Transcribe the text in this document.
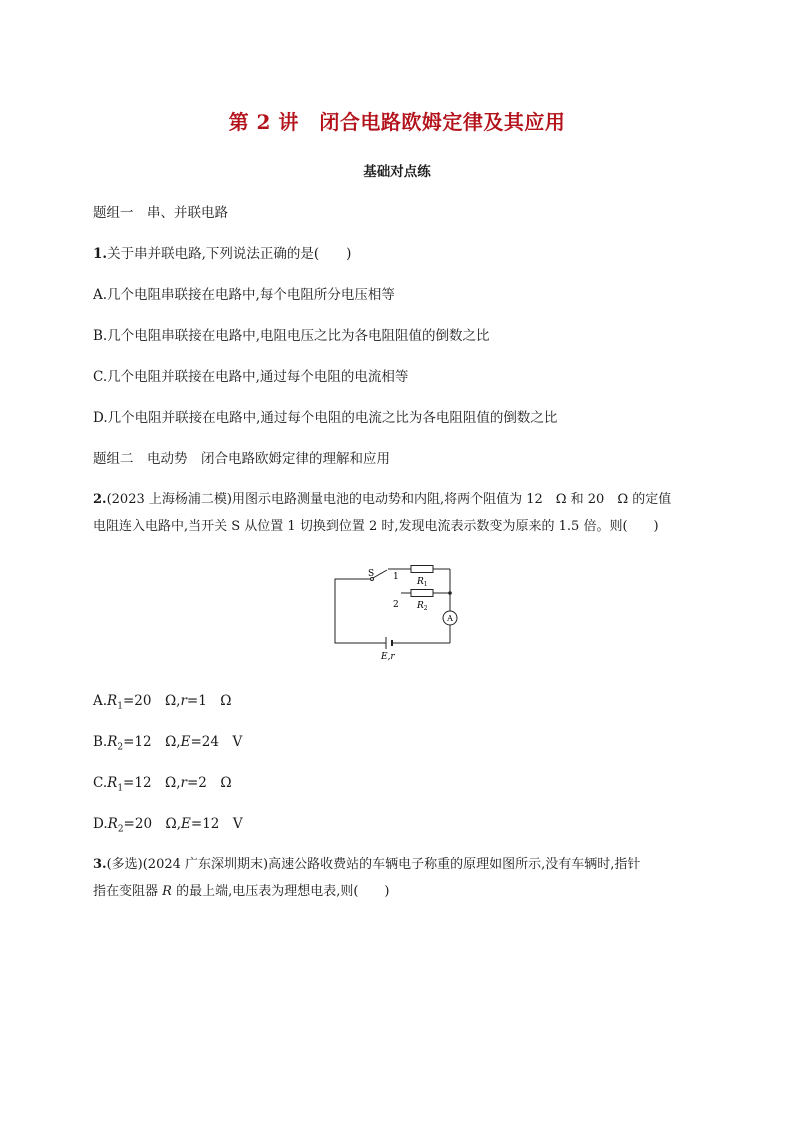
第 2 讲　闭合电路欧姆定律及其应用
基础对点练
题组一　串、并联电路
1.关于串并联电路,下列说法正确的是(　　)
A.几个电阻串联接在电路中,每个电阻所分电压相等
B.几个电阻串联接在电路中,电阻电压之比为各电阻阻值的倒数之比
C.几个电阻并联接在电路中,通过每个电阻的电流相等
D.几个电阻并联接在电路中,通过每个电阻的电流之比为各电阻阻值的倒数之比
题组二　电动势　闭合电路欧姆定律的理解和应用
2.(2023 上海杨浦二模)用图示电路测量电池的电动势和内阻,将两个阻值为 12　Ω 和 20　Ω 的定值
电阻连入电路中,当开关 S 从位置 1 切换到位置 2 时,发现电流表示数变为原来的 1.5 倍。则(　　)
S 1
2
$R_1$
$R_2$
A
E,r
$A.R_1=20$　Ω,r=1　Ω
$B.R_2=12$　Ω,E=24　V
$C.R_1=12$　Ω,r=2　Ω
$D.R_2=20$　Ω,E=12　V
3.(多选)(2024 广东深圳期末)高速公路收费站的车辆电子称重的原理如图所示,没有车辆时,指针
指在变阻器 R 的最上端,电压表为理想电表,则(　　)
